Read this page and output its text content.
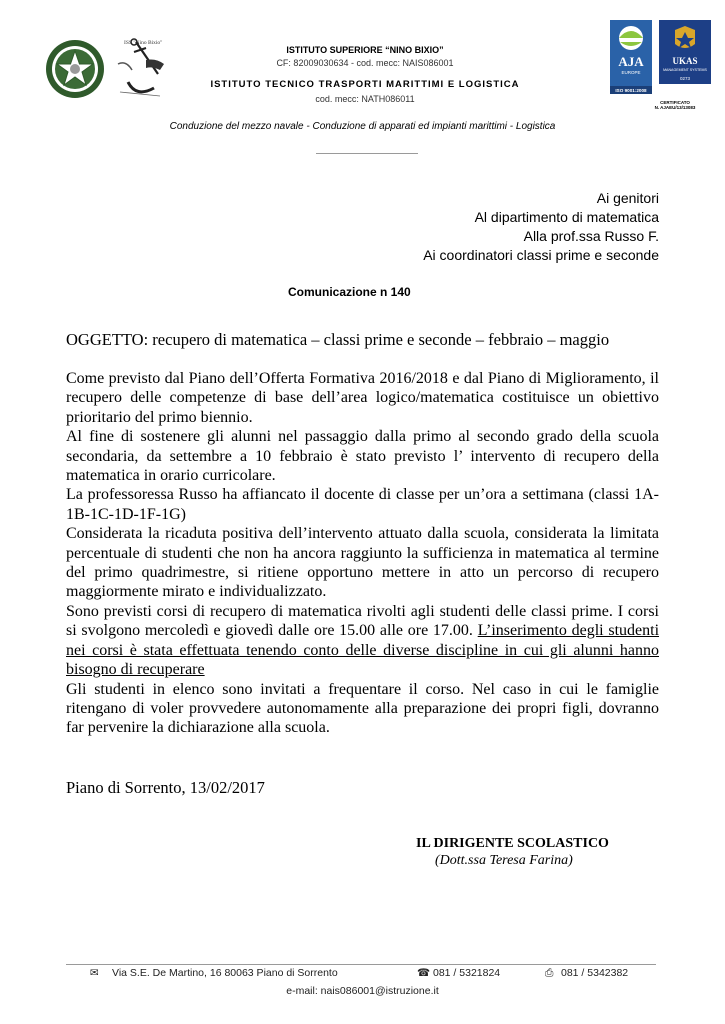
ISS "Nino Bixio"
ISTITUTO SUPERIORE “NINO BIXIO”
CF: 82009030634 - cod. mecc: NAIS086001
ISTITUTO TECNICO TRASPORTI MARITTIMI E LOGISTICA
cod. mecc: NATH086011
AJA
EUROPE
ISO 9001:2008
UKAS
MANAGEMENT SYSTEMS
0273
CERTIFICATO
N. AJAEU/13/13083
Conduzione del mezzo navale - Conduzione di apparati ed impianti marittimi - Logistica
Ai genitori
Al dipartimento di matematica
Alla prof.ssa Russo F.
Ai coordinatori classi prime e seconde
Comunicazione n 140
OGGETTO: recupero di matematica – classi prime e seconde – febbraio – maggio

Come previsto dal Piano dell’Offerta Formativa 2016/2018 e dal Piano di Miglioramento, il recupero delle competenze di base dell’area logico/matematica costituisce un obiettivo prioritario del primo biennio.

Al fine di sostenere gli alunni nel passaggio dalla primo al secondo grado della scuola secondaria, da settembre a 10 febbraio è stato previsto l’ intervento di recupero della matematica in orario curricolare.

La professoressa Russo ha affiancato il docente di classe per un’ora a settimana (classi 1A-1B-1C-1D-1F-1G)

Considerata la ricaduta positiva dell’intervento attuato dalla scuola, considerata la limitata percentuale di studenti che non ha ancora raggiunto la sufficienza in matematica al termine del primo quadrimestre, si ritiene opportuno mettere in atto un percorso di recupero maggiormente mirato e individualizzato.

Sono previsti corsi di recupero di matematica rivolti agli studenti delle classi prime. I corsi si svolgono mercoledì e giovedì dalle ore 15.00 alle ore 17.00. L’inserimento degli studenti nei corsi è stata effettuata tenendo conto delle diverse discipline in cui gli alunni hanno bisogno di recuperare

Gli studenti in elenco sono invitati a frequentare il corso. Nel caso in cui le famiglie ritengano di voler provvedere autonomamente alla preparazione dei propri figli, dovranno far pervenire la dichiarazione alla scuola.

Piano di Sorrento, 13/02/2017
IL DIRIGENTE SCOLASTICO
(Dott.ssa Teresa Farina)
✉ Via S.E. De Martino, 16 80063 Piano di Sorrento	☎ 081 / 5321824	⎙ 081 / 5342382
e-mail: nais086001@istruzione.it
